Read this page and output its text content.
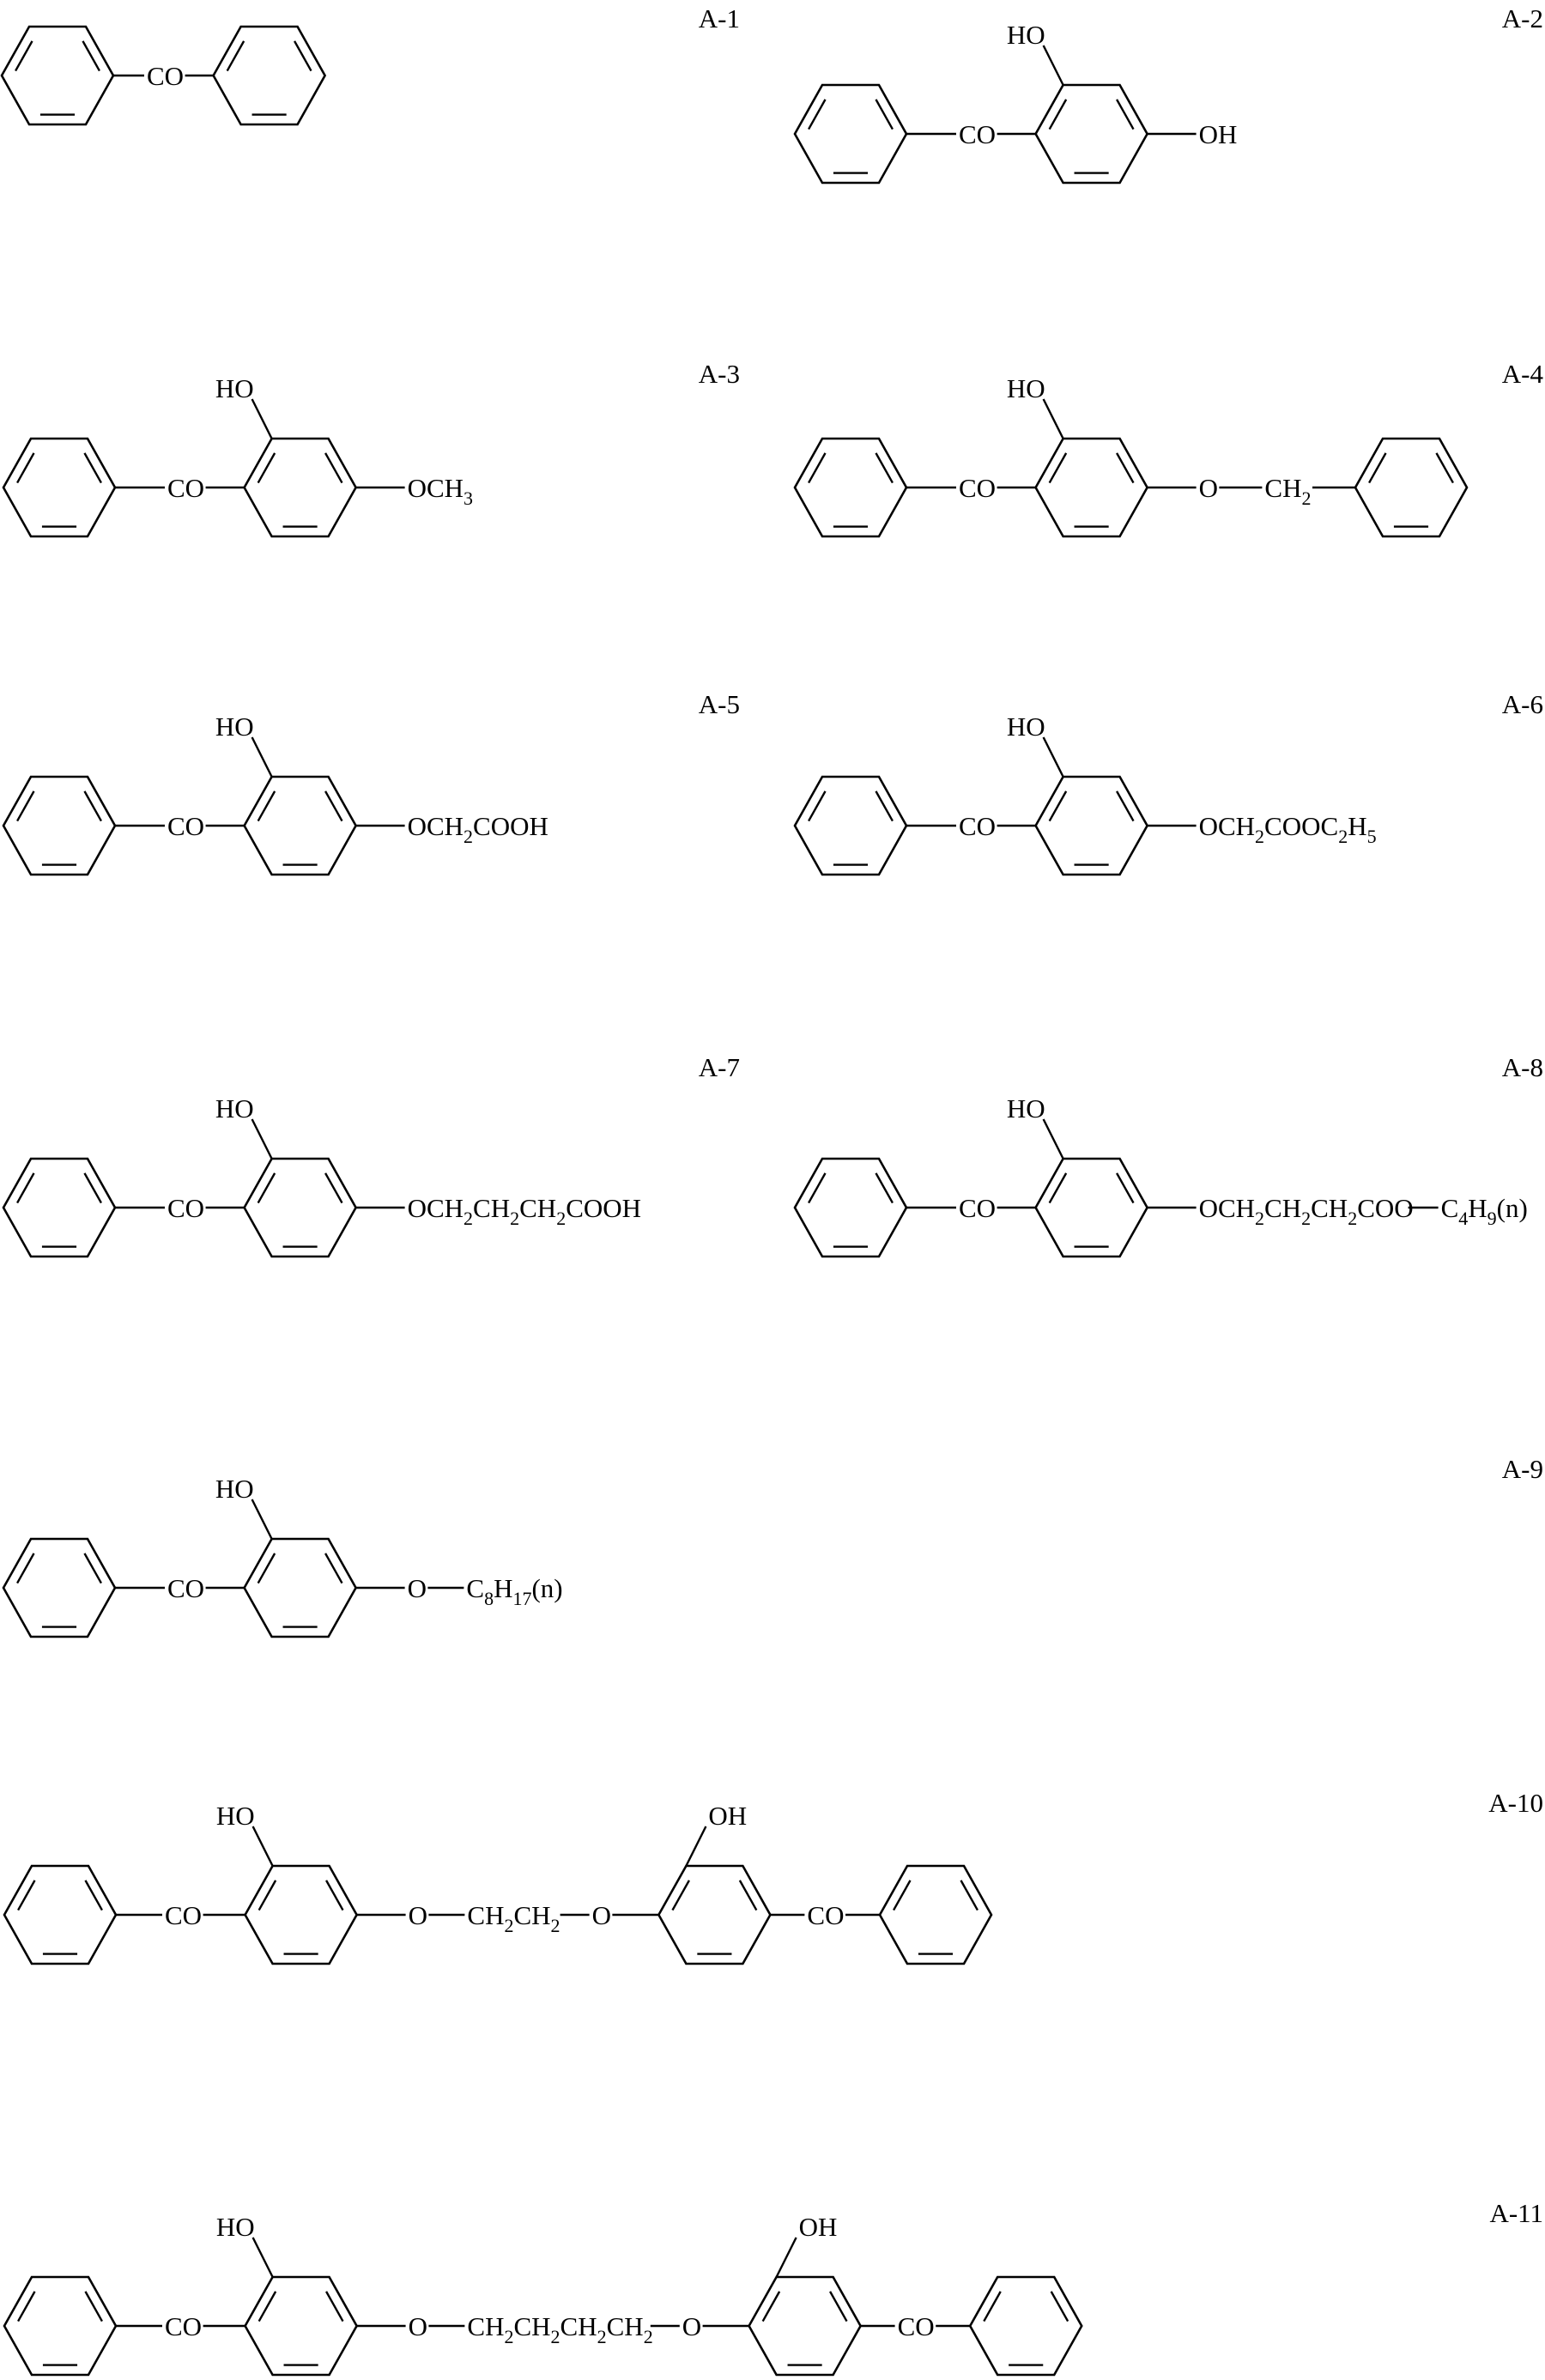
CO
CO
HO
OH
CO
HO
$OCH_3$	CO
HO
O $CH_2$
CO
HO
$OCH_2COOH$	CO
HO
$OCH_2COOC_2H_5$
CO
HO
$OCH_2CH_2CH_2COOH$	CO
HO
$OCH_2CH_2CH_2COO$ $C_4H_9(n)$
CO
HO
O $C_8H_{17}(n)$
CO
HO
O $CH_2CH_2$ O
OH
CO
CO
HO
O $CH_2CH_2CH_2CH_2$ O
OH
CO
A-1	A-2
A-3	A-4
A-5	A-6
A-7	A-8
A-9
A-10
A-11
